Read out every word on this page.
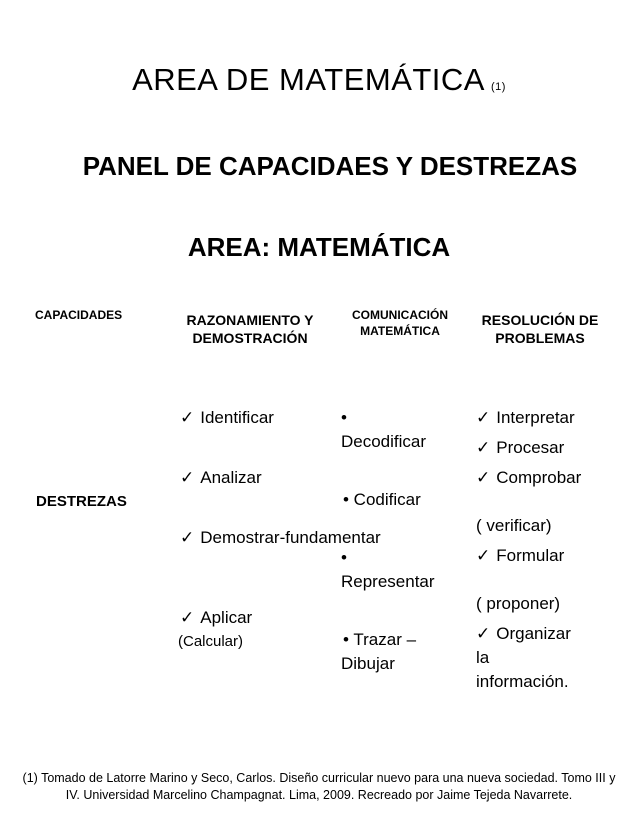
AREA DE MATEMÁTICA (1)
PANEL DE CAPACIDAES Y DESTREZAS
AREA: MATEMÁTICA
CAPACIDADES	RAZONAMIENTO Y DEMOSTRACIÓN
COMUNICACIÓN MATEMÁTICA
RESOLUCIÓN DE PROBLEMAS
DESTREZAS
✓ Identificar
✓ Analizar
✓ Demostrar-fundamentar
✓ Aplicar
(Calcular)
•
Decodificar
• Codificar
•
Representar
• Trazar –
Dibujar
✓ Interpretar
✓ Procesar
✓ Comprobar
( verificar)
✓ Formular
( proponer)
✓ Organizar
la
información.
(1) Tomado de Latorre Marino y Seco, Carlos. Diseño curricular nuevo para una nueva sociedad. Tomo III y IV. Universidad Marcelino Champagnat. Lima, 2009. Recreado por Jaime Tejeda Navarrete.
